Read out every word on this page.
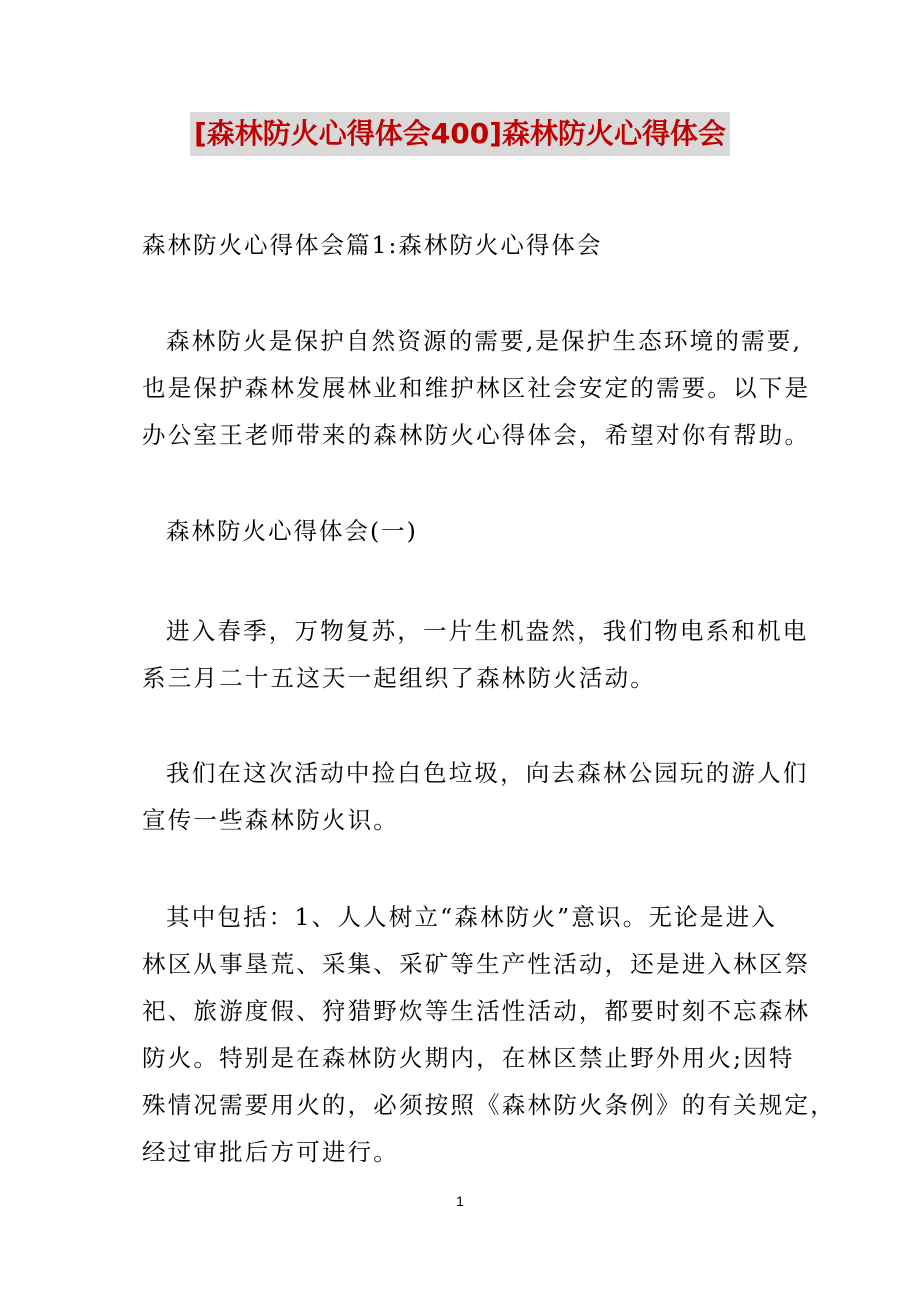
[森林防火心得体会400]森林防火心得体会
森林防火心得体会篇1:森林防火心得体会
森林防火是保护自然资源的需要,是保护生态环境的需要,
也是保护森林发展林业和维护林区社会安定的需要。以下是
办公室王老师带来的森林防火心得体会，希望对你有帮助。
森林防火心得体会(一)
进入春季，万物复苏，一片生机盎然，我们物电系和机电
系三月二十五这天一起组织了森林防火活动。
我们在这次活动中捡白色垃圾，向去森林公园玩的游人们
宣传一些森林防火识。
其中包括：1、人人树立“森林防火”意识。无论是进入
林区从事垦荒、采集、采矿等生产性活动，还是进入林区祭
祀、旅游度假、狩猎野炊等生活性活动，都要时刻不忘森林
防火。特别是在森林防火期内，在林区禁止野外用火;因特
殊情况需要用火的，必须按照《森林防火条例》的有关规定，
经过审批后方可进行。
1
